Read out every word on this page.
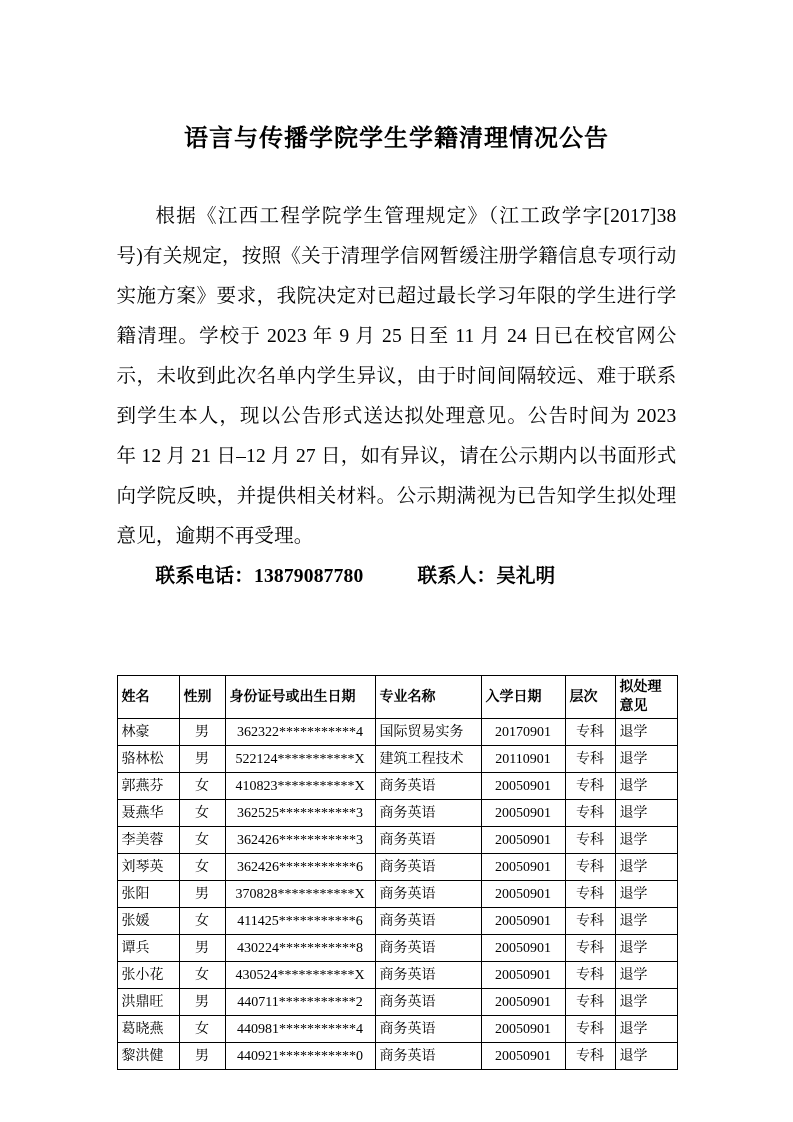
语言与传播学院学生学籍清理情况公告

根据《江西工程学院学生管理规定》（江工政学字[2017]38 号)有关规定，按照《关于清理学信网暂缓注册学籍信息专项行动实施方案》要求，我院决定对已超过最长学习年限的学生进行学籍清理。学校于 2023 年 9 月 25 日至 11 月 24 日已在校官网公示，未收到此次名单内学生异议，由于时间间隔较远、难于联系到学生本人，现以公告形式送达拟处理意见。公告时间为 2023 年 12 月 21 日–12 月 27 日，如有异议，请在公示期内以书面形式向学院反映，并提供相关材料。公示期满视为已告知学生拟处理意见，逾期不再受理。

联系电话：13879087780	联系人：吴礼明

姓名	性别	身份证号或出生日期	专业名称	入学日期	层次	拟处理意见
林豪	男	362322***********4	国际贸易实务	20170901	专科	退学
骆林松	男	522124***********X	建筑工程技术	20110901	专科	退学
郭燕芬	女	410823***********X	商务英语	20050901	专科	退学
聂燕华	女	362525***********3	商务英语	20050901	专科	退学
李美蓉	女	362426***********3	商务英语	20050901	专科	退学
刘琴英	女	362426***********6	商务英语	20050901	专科	退学
张阳	男	370828***********X	商务英语	20050901	专科	退学
张媛	女	411425***********6	商务英语	20050901	专科	退学
谭兵	男	430224***********8	商务英语	20050901	专科	退学
张小花	女	430524***********X	商务英语	20050901	专科	退学
洪鼎旺	男	440711***********2	商务英语	20050901	专科	退学
葛晓燕	女	440981***********4	商务英语	20050901	专科	退学
黎洪健	男	440921***********0	商务英语	20050901	专科	退学
